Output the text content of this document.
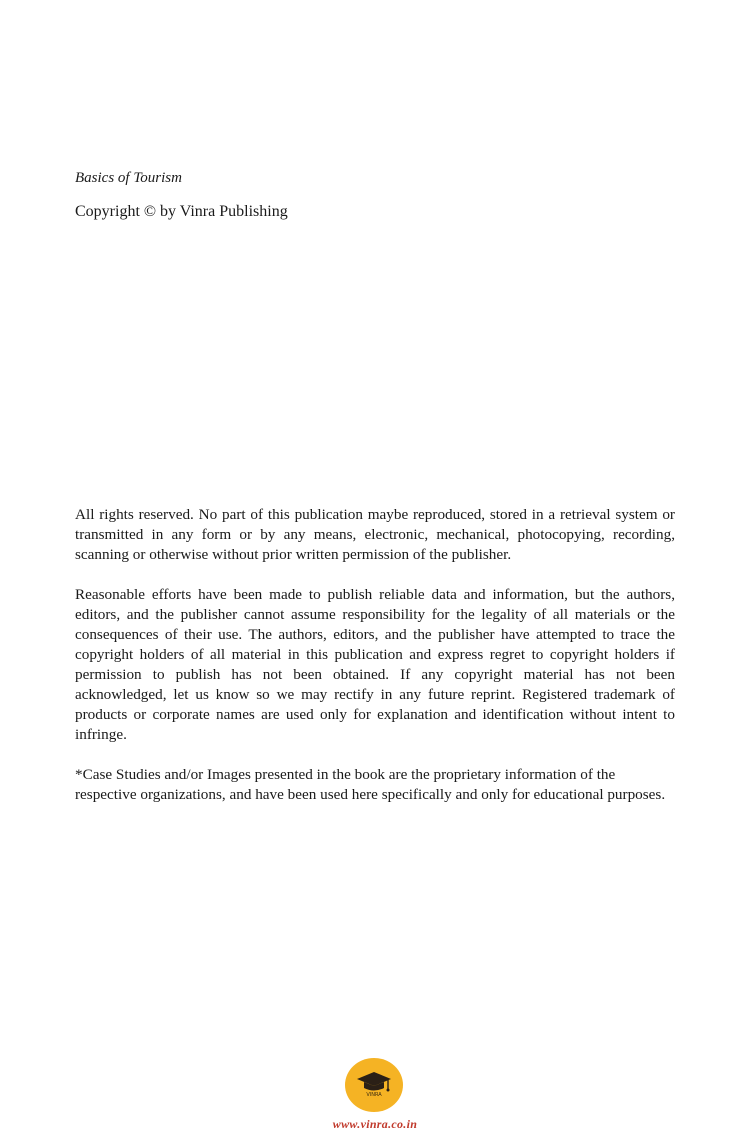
Basics of Tourism
Copyright © by Vinra Publishing

All rights reserved. No part of this publication maybe reproduced, stored in a retrieval system or transmitted in any form or by any means, electronic, mechanical, photocopying, recording, scanning or otherwise without prior written permission of the publisher.

Reasonable efforts have been made to publish reliable data and information, but the authors, editors, and the publisher cannot assume responsibility for the legality of all materials or the consequences of their use. The authors, editors, and the publisher have attempted to trace the copyright holders of all material in this publication and express regret to copyright holders if permission to publish has not been obtained. If any copyright material has not been acknowledged, let us know so we may rectify in any future reprint. Registered trademark of products or corporate names are used only for explanation and identification without intent to infringe.

*Case Studies and/or Images presented in the book are the proprietary information of the respective organizations, and have been used here specifically and only for educational purposes.

VINRA
www.vinra.co.in
